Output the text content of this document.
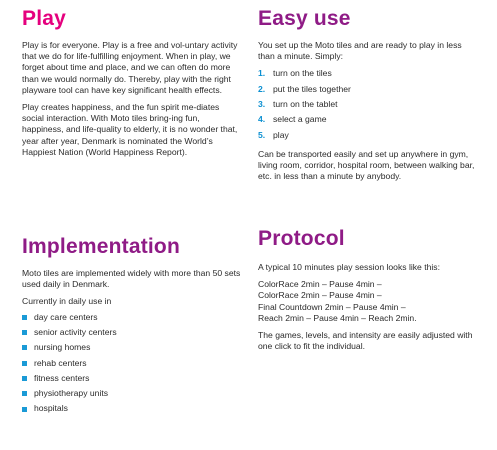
Play

Play is for everyone. Play is a free and vol-untary activity that we do for life-fulfilling enjoyment. When in play, we forget about time and place, and we can often do more than we would normally do. Thereby, play with the right playware tool can have key significant health effects.

Play creates happiness, and the fun spirit me-diates social interaction. With Moto tiles bring-ing fun, happiness, and life-quality to elderly, it is no wonder that, year after year, Denmark is nominated the World’s Happiest Nation (World Happiness Report).

Easy use

You set up the Moto tiles and are ready to play in less than a minute. Simply:

1. turn on the tiles
2. put the tiles together
3. turn on the tablet
4. select a game
5. play

Can be transported easily and set up anywhere in gym, living room, corridor, hospital room, between walking bar, etc. in less than a minute by anybody.

Implementation

Moto tiles are implemented widely with more than 50 sets used daily in Denmark.

Currently in daily use in

day care centers
senior activity centers
nursing homes
rehab centers
fitness centers
physiotherapy units
hospitals
Protocol

A typical 10 minutes play session looks like this:

ColorRace 2min – Pause 4min –

ColorRace 2min – Pause 4min –

Final Countdown 2min – Pause 4min –

Reach 2min – Pause 4min – Reach 2min.

The games, levels, and intensity are easily adjusted with one click to fit the individual.
